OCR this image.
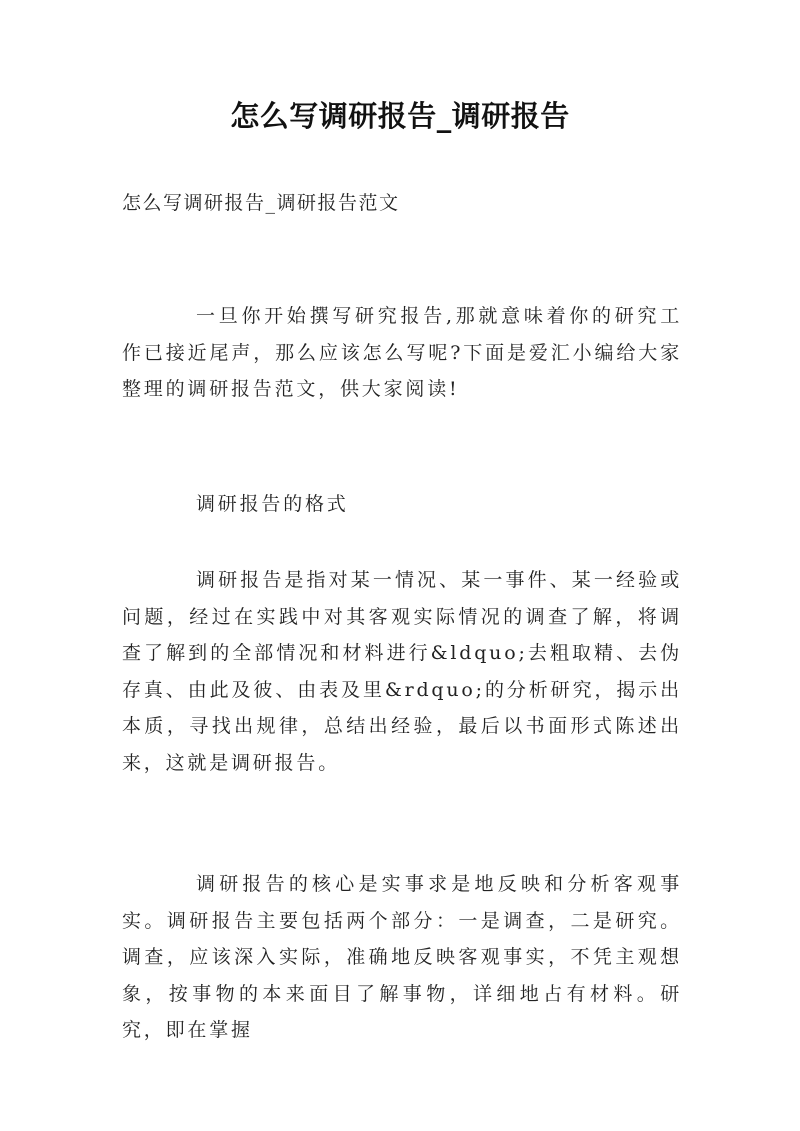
怎么写调研报告_调研报告
怎么写调研报告_调研报告范文

一旦你开始撰写研究报告,那就意味着你的研究工作已接近尾声，那么应该怎么写呢?下面是爱汇小编给大家整理的调研报告范文，供大家阅读!

调研报告的格式

调研报告是指对某一情况、某一事件、某一经验或问题，经过在实践中对其客观实际情况的调查了解，将调查了解到的全部情况和材料进行&ldquo;去粗取精、去伪存真、由此及彼、由表及里&rdquo;的分析研究，揭示出本质，寻找出规律，总结出经验，最后以书面形式陈述出来，这就是调研报告。

调研报告的核心是实事求是地反映和分析客观事实。调研报告主要包括两个部分：一是调查，二是研究。调查，应该深入实际，准确地反映客观事实，不凭主观想象，按事物的本来面目了解事物，详细地占有材料。研究，即在掌握
